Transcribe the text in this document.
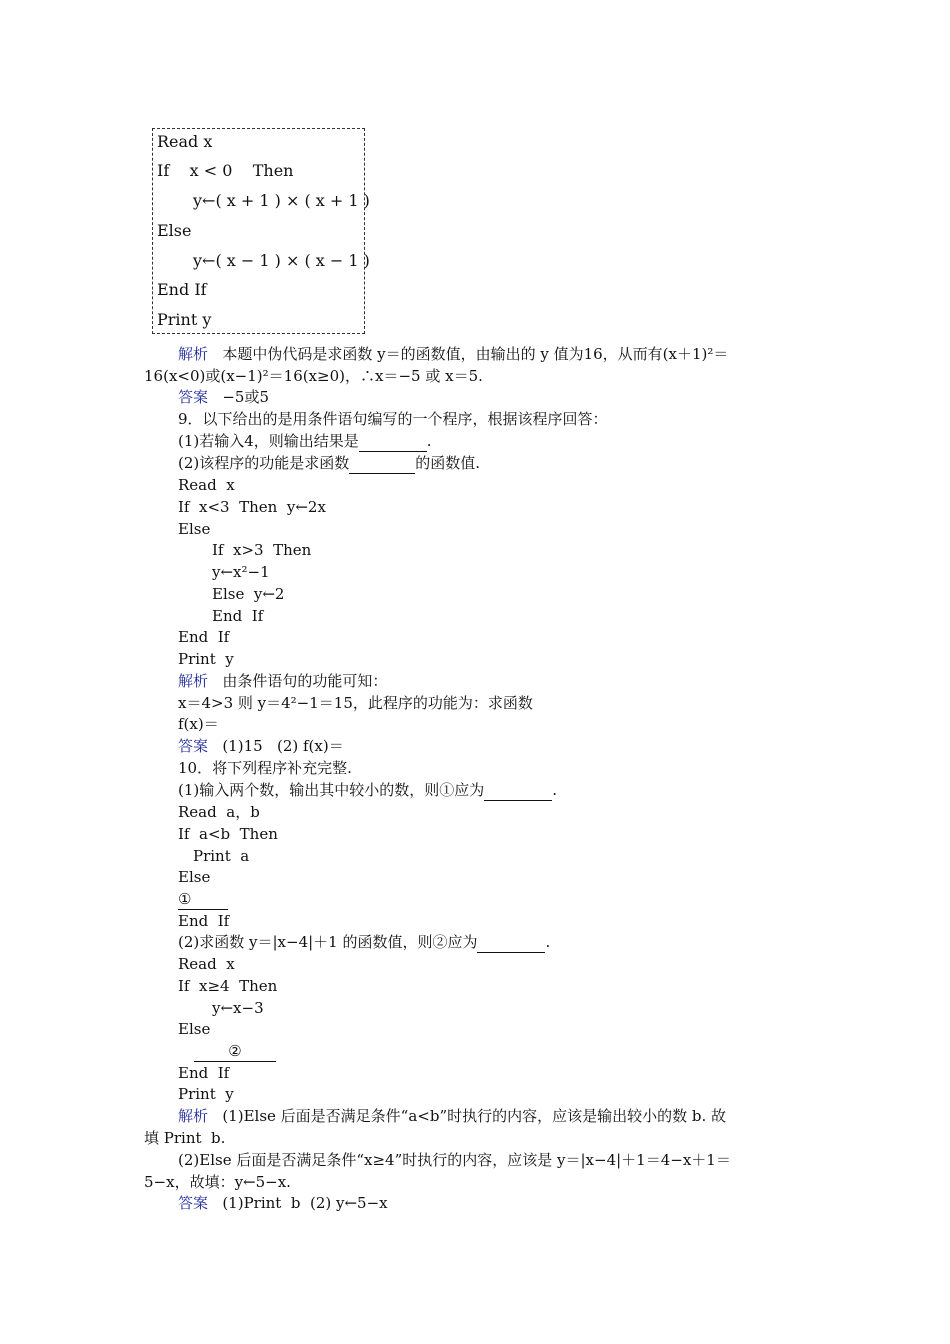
Read x
If    x < 0    Then
y←( x + 1 ) × ( x + 1 )
Else
y←( x − 1 ) × ( x − 1 )
End If
Print y
解析 本题中伪代码是求函数 y＝的函数值，由输出的 y 值为16，从而有(x＋1)²＝
16(x<0)或(x−1)²＝16(x≥0)，∴x＝−5 或 x＝5.
答案 −5或5
9．以下给出的是用条件语句编写的一个程序，根据该程序回答：
(1)若输入4，则输出结果是	.
(2)该程序的功能是求函数	的函数值.
Read  x
If  x<3  Then  y←2x
Else
If  x>3  Then
y←x²−1
Else  y←2
End  If
End  If
Print  y
解析 由条件语句的功能可知：
x＝4>3 则 y＝4²−1＝15，此程序的功能为：求函数
f(x)＝
答案 (1)15   (2) f(x)＝
10．将下列程序补充完整.
(1)输入两个数，输出其中较小的数，则①应为	.
Read  a，b
If  a<b  Then
Print  a
Else
①
End  If
(2)求函数 y＝|x−4|＋1 的函数值，则②应为	.
Read  x
If  x≥4  Then
y←x−3
Else
②
End  If
Print  y
解析 (1)Else 后面是否满足条件“a<b”时执行的内容，应该是输出较小的数 b. 故
填 Print  b.
(2)Else 后面是否满足条件“x≥4”时执行的内容，应该是 y＝|x−4|＋1＝4−x＋1＝
5−x，故填：y←5−x.
答案 (1)Print  b  (2) y←5−x
